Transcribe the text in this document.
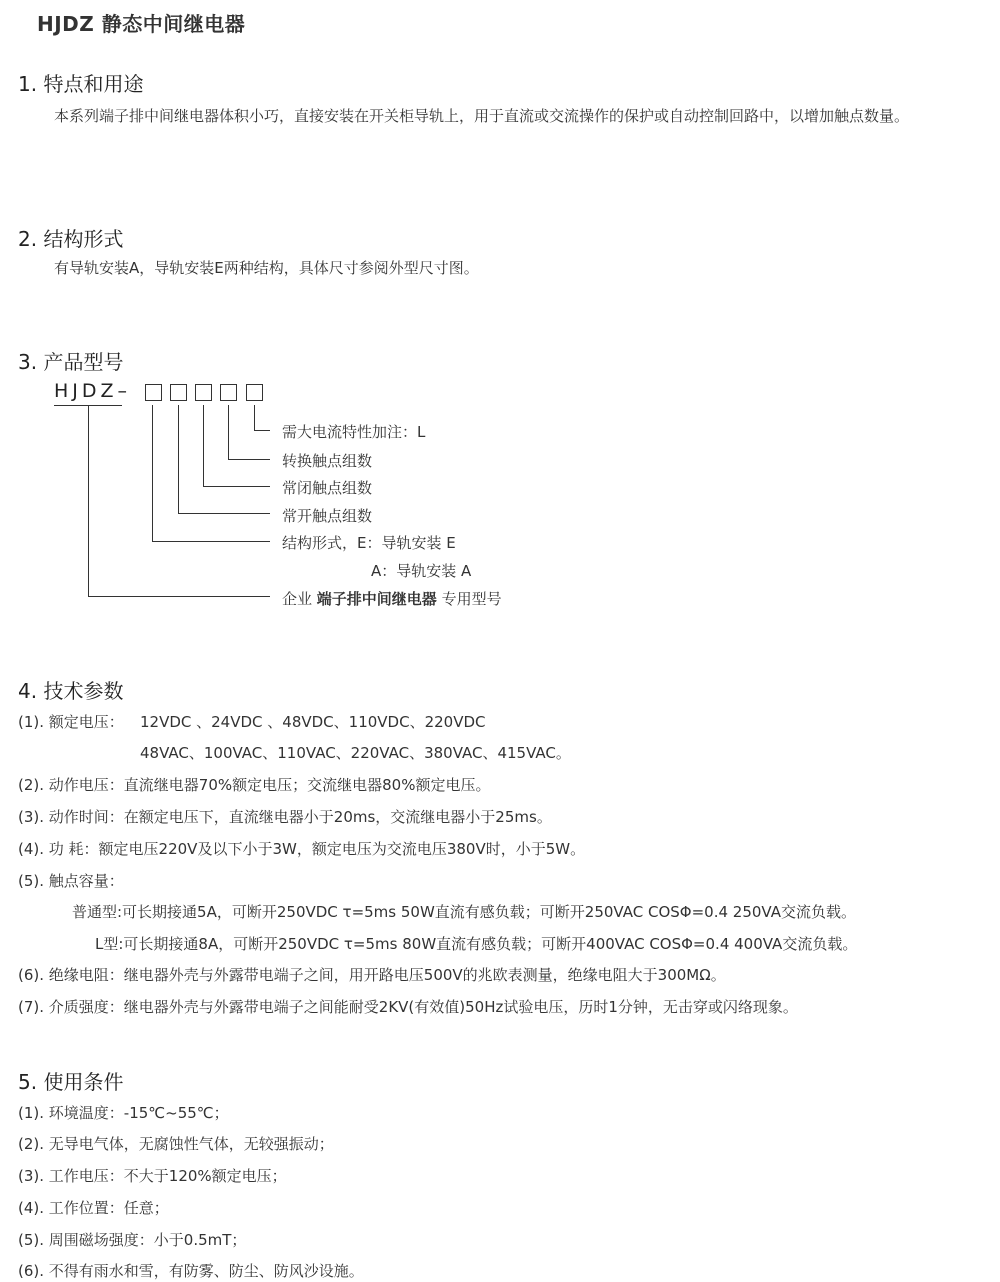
HJDZ 静态中间继电器
1. 特点和用途
本系列端子排中间继电器体积小巧，直接安装在开关柜导轨上，用于直流或交流操作的保护或自动控制回路中，以增加触点数量。
2. 结构形式
有导轨安装A，导轨安装E两种结构，具体尺寸参阅外型尺寸图。
3. 产品型号
HJDZ–
需大电流特性加注：L
转换触点组数
常闭触点组数
常开触点组数
结构形式，E：导轨安装 E
A：导轨安装 A
企业 端子排中间继电器 专用型号
4. 技术参数
(1). 额定电压： 12VDC 、24VDC 、48VDC、110VDC、220VDC
48VAC、100VAC、110VAC、220VAC、380VAC、415VAC。
(2). 动作电压：直流继电器70%额定电压；交流继电器80%额定电压。
(3). 动作时间：在额定电压下，直流继电器小于20ms，交流继电器小于25ms。
(4). 功 耗：额定电压220V及以下小于3W，额定电压为交流电压380V时，小于5W。
(5). 触点容量：
普通型:可长期接通5A，可断开250VDC τ=5ms 50W直流有感负载；可断开250VAC COSΦ=0.4 250VA交流负载。
L型:可长期接通8A，可断开250VDC τ=5ms 80W直流有感负载；可断开400VAC COSΦ=0.4 400VA交流负载。
(6). 绝缘电阻：继电器外壳与外露带电端子之间，用开路电压500V的兆欧表测量，绝缘电阻大于300MΩ。
(7). 介质强度：继电器外壳与外露带电端子之间能耐受2KV(有效值)50Hz试验电压，历时1分钟，无击穿或闪络现象。
5. 使用条件
(1). 环境温度：-15℃~55℃；
(2). 无导电气体，无腐蚀性气体，无较强振动；
(3). 工作电压：不大于120%额定电压；
(4). 工作位置：任意；
(5). 周围磁场强度：小于0.5mT；
(6). 不得有雨水和雪，有防雾、防尘、防风沙设施。
